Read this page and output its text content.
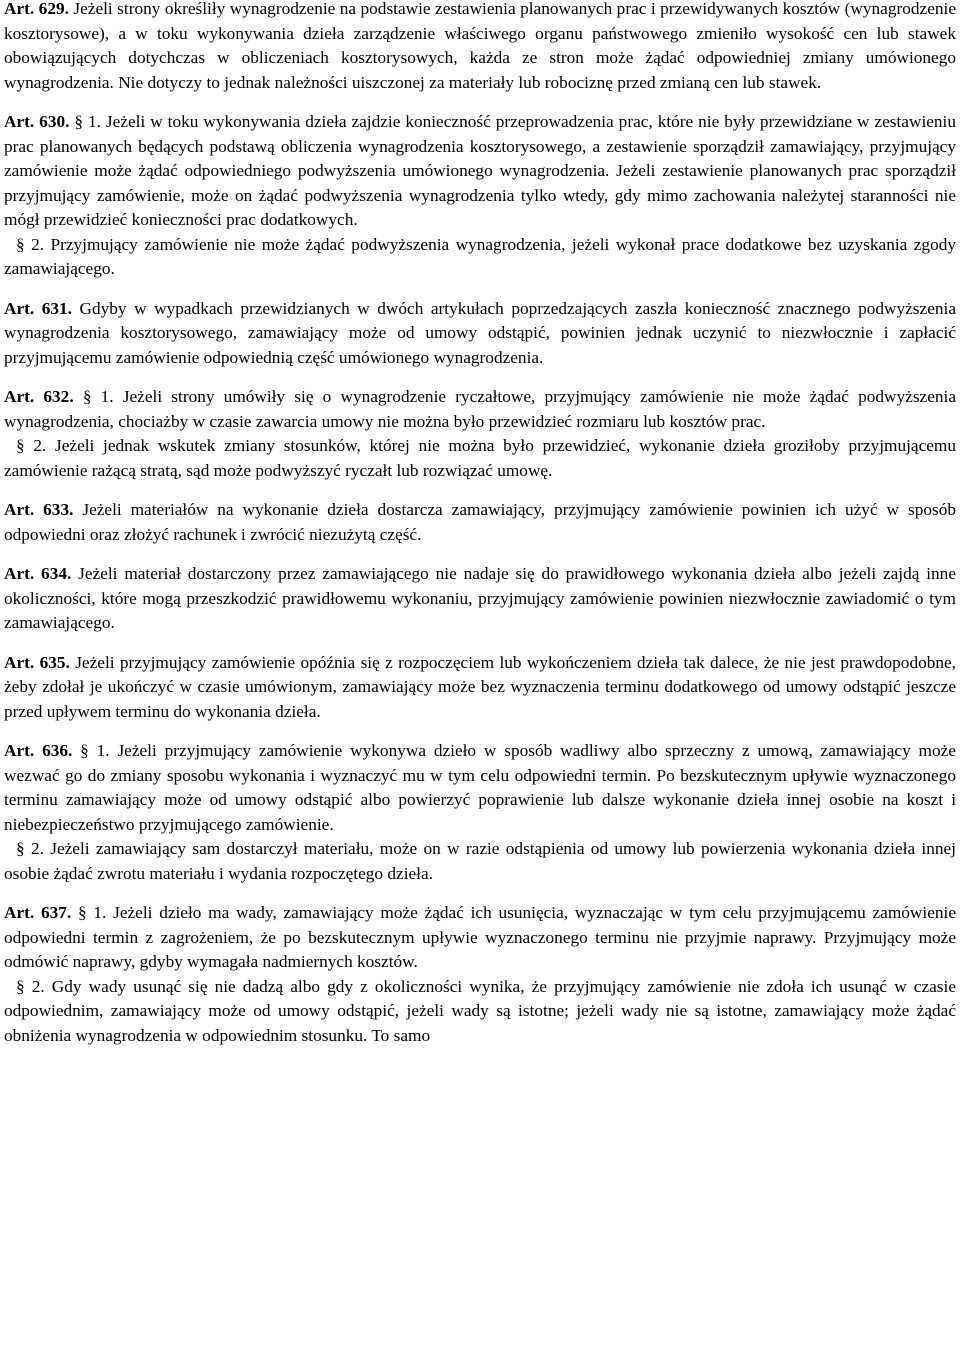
Art. 629. Jeżeli strony określiły wynagrodzenie na podstawie zestawienia planowanych prac i przewidywanych kosztów (wynagrodzenie kosztorysowe), a w toku wykonywania dzieła zarządzenie właściwego organu państwowego zmieniło wysokość cen lub stawek obowiązujących dotychczas w obliczeniach kosztorysowych, każda ze stron może żądać odpowiedniej zmiany umówionego wynagrodzenia. Nie dotyczy to jednak należności uiszczonej za materiały lub robociznę przed zmianą cen lub stawek.

Art. 630. § 1. Jeżeli w toku wykonywania dzieła zajdzie konieczność przeprowadzenia prac, które nie były przewidziane w zestawieniu prac planowanych będących podstawą obliczenia wynagrodzenia kosztorysowego, a zestawienie sporządził zamawiający, przyjmujący zamówienie może żądać odpowiedniego podwyższenia umówionego wynagrodzenia. Jeżeli zestawienie planowanych prac sporządził przyjmujący zamówienie, może on żądać podwyższenia wynagrodzenia tylko wtedy, gdy mimo zachowania należytej staranności nie mógł przewidzieć konieczności prac dodatkowych.

§ 2. Przyjmujący zamówienie nie może żądać podwyższenia wynagrodzenia, jeżeli wykonał prace dodatkowe bez uzyskania zgody zamawiającego.

Art. 631. Gdyby w wypadkach przewidzianych w dwóch artykułach poprzedzających zaszła konieczność znacznego podwyższenia wynagrodzenia kosztorysowego, zamawiający może od umowy odstąpić, powinien jednak uczynić to niezwłocznie i zapłacić przyjmującemu zamówienie odpowiednią część umówionego wynagrodzenia.

Art. 632. § 1. Jeżeli strony umówiły się o wynagrodzenie ryczałtowe, przyjmujący zamówienie nie może żądać podwyższenia wynagrodzenia, chociażby w czasie zawarcia umowy nie można było przewidzieć rozmiaru lub kosztów prac.

§ 2. Jeżeli jednak wskutek zmiany stosunków, której nie można było przewidzieć, wykonanie dzieła groziłoby przyjmującemu zamówienie rażącą stratą, sąd może podwyższyć ryczałt lub rozwiązać umowę.

Art. 633. Jeżeli materiałów na wykonanie dzieła dostarcza zamawiający, przyjmujący zamówienie powinien ich użyć w sposób odpowiedni oraz złożyć rachunek i zwrócić niezużytą część.

Art. 634. Jeżeli materiał dostarczony przez zamawiającego nie nadaje się do prawidłowego wykonania dzieła albo jeżeli zajdą inne okoliczności, które mogą przeszkodzić prawidłowemu wykonaniu, przyjmujący zamówienie powinien niezwłocznie zawiadomić o tym zamawiającego.

Art. 635. Jeżeli przyjmujący zamówienie opóźnia się z rozpoczęciem lub wykończeniem dzieła tak dalece, że nie jest prawdopodobne, żeby zdołał je ukończyć w czasie umówionym, zamawiający może bez wyznaczenia terminu dodatkowego od umowy odstąpić jeszcze przed upływem terminu do wykonania dzieła.

Art. 636. § 1. Jeżeli przyjmujący zamówienie wykonywa dzieło w sposób wadliwy albo sprzeczny z umową, zamawiający może wezwać go do zmiany sposobu wykonania i wyznaczyć mu w tym celu odpowiedni termin. Po bezskutecznym upływie wyznaczonego terminu zamawiający może od umowy odstąpić albo powierzyć poprawienie lub dalsze wykonanie dzieła innej osobie na koszt i niebezpieczeństwo przyjmującego zamówienie.

§ 2. Jeżeli zamawiający sam dostarczył materiału, może on w razie odstąpienia od umowy lub powierzenia wykonania dzieła innej osobie żądać zwrotu materiału i wydania rozpoczętego dzieła.

Art. 637. § 1. Jeżeli dzieło ma wady, zamawiający może żądać ich usunięcia, wyznaczając w tym celu przyjmującemu zamówienie odpowiedni termin z zagrożeniem, że po bezskutecznym upływie wyznaczonego terminu nie przyjmie naprawy. Przyjmujący może odmówić naprawy, gdyby wymagała nadmiernych kosztów.

§ 2. Gdy wady usunąć się nie dadzą albo gdy z okoliczności wynika, że przyjmujący zamówienie nie zdoła ich usunąć w czasie odpowiednim, zamawiający może od umowy odstąpić, jeżeli wady są istotne; jeżeli wady nie są istotne, zamawiający może żądać obniżenia wynagrodzenia w odpowiednim stosunku. To samo
